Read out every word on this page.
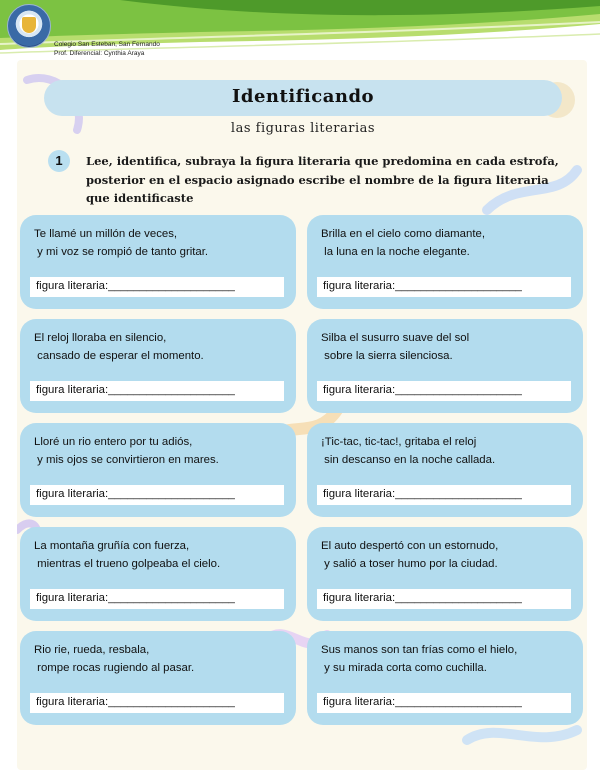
Colegio San Esteban, San Fernando
Prof. Diferencial: Cynthia Araya
Identificando
las figuras literarias
1	Lee, identifica, subraya la figura literaria que predomina en cada estrofa, posterior en el espacio asignado escribe el nombre de la figura literaria que identificaste
Te llamé un millón de veces,
y mi voz se rompió de tanto gritar.
figura literaria:____________________
Brilla en el cielo como diamante,
la luna en la noche elegante.
figura literaria:____________________
El reloj lloraba en silencio,
cansado de esperar el momento.
figura literaria:____________________
Silba el susurro suave del sol
sobre la sierra silenciosa.
figura literaria:____________________
Lloré un rio entero por tu adiós,
y mis ojos se convirtieron en mares.
figura literaria:____________________
¡Tic-tac, tic-tac!, gritaba el reloj
sin descanso en la noche callada.
figura literaria:____________________
La montaña gruñía con fuerza,
mientras el trueno golpeaba el cielo.
figura literaria:____________________
El auto despertó con un estornudo,
y salió a toser humo por la ciudad.
figura literaria:____________________
Rio rie, rueda, resbala,
rompe rocas rugiendo al pasar.
figura literaria:____________________
Sus manos son tan frías como el hielo,
y su mirada corta como cuchilla.
figura literaria:____________________
